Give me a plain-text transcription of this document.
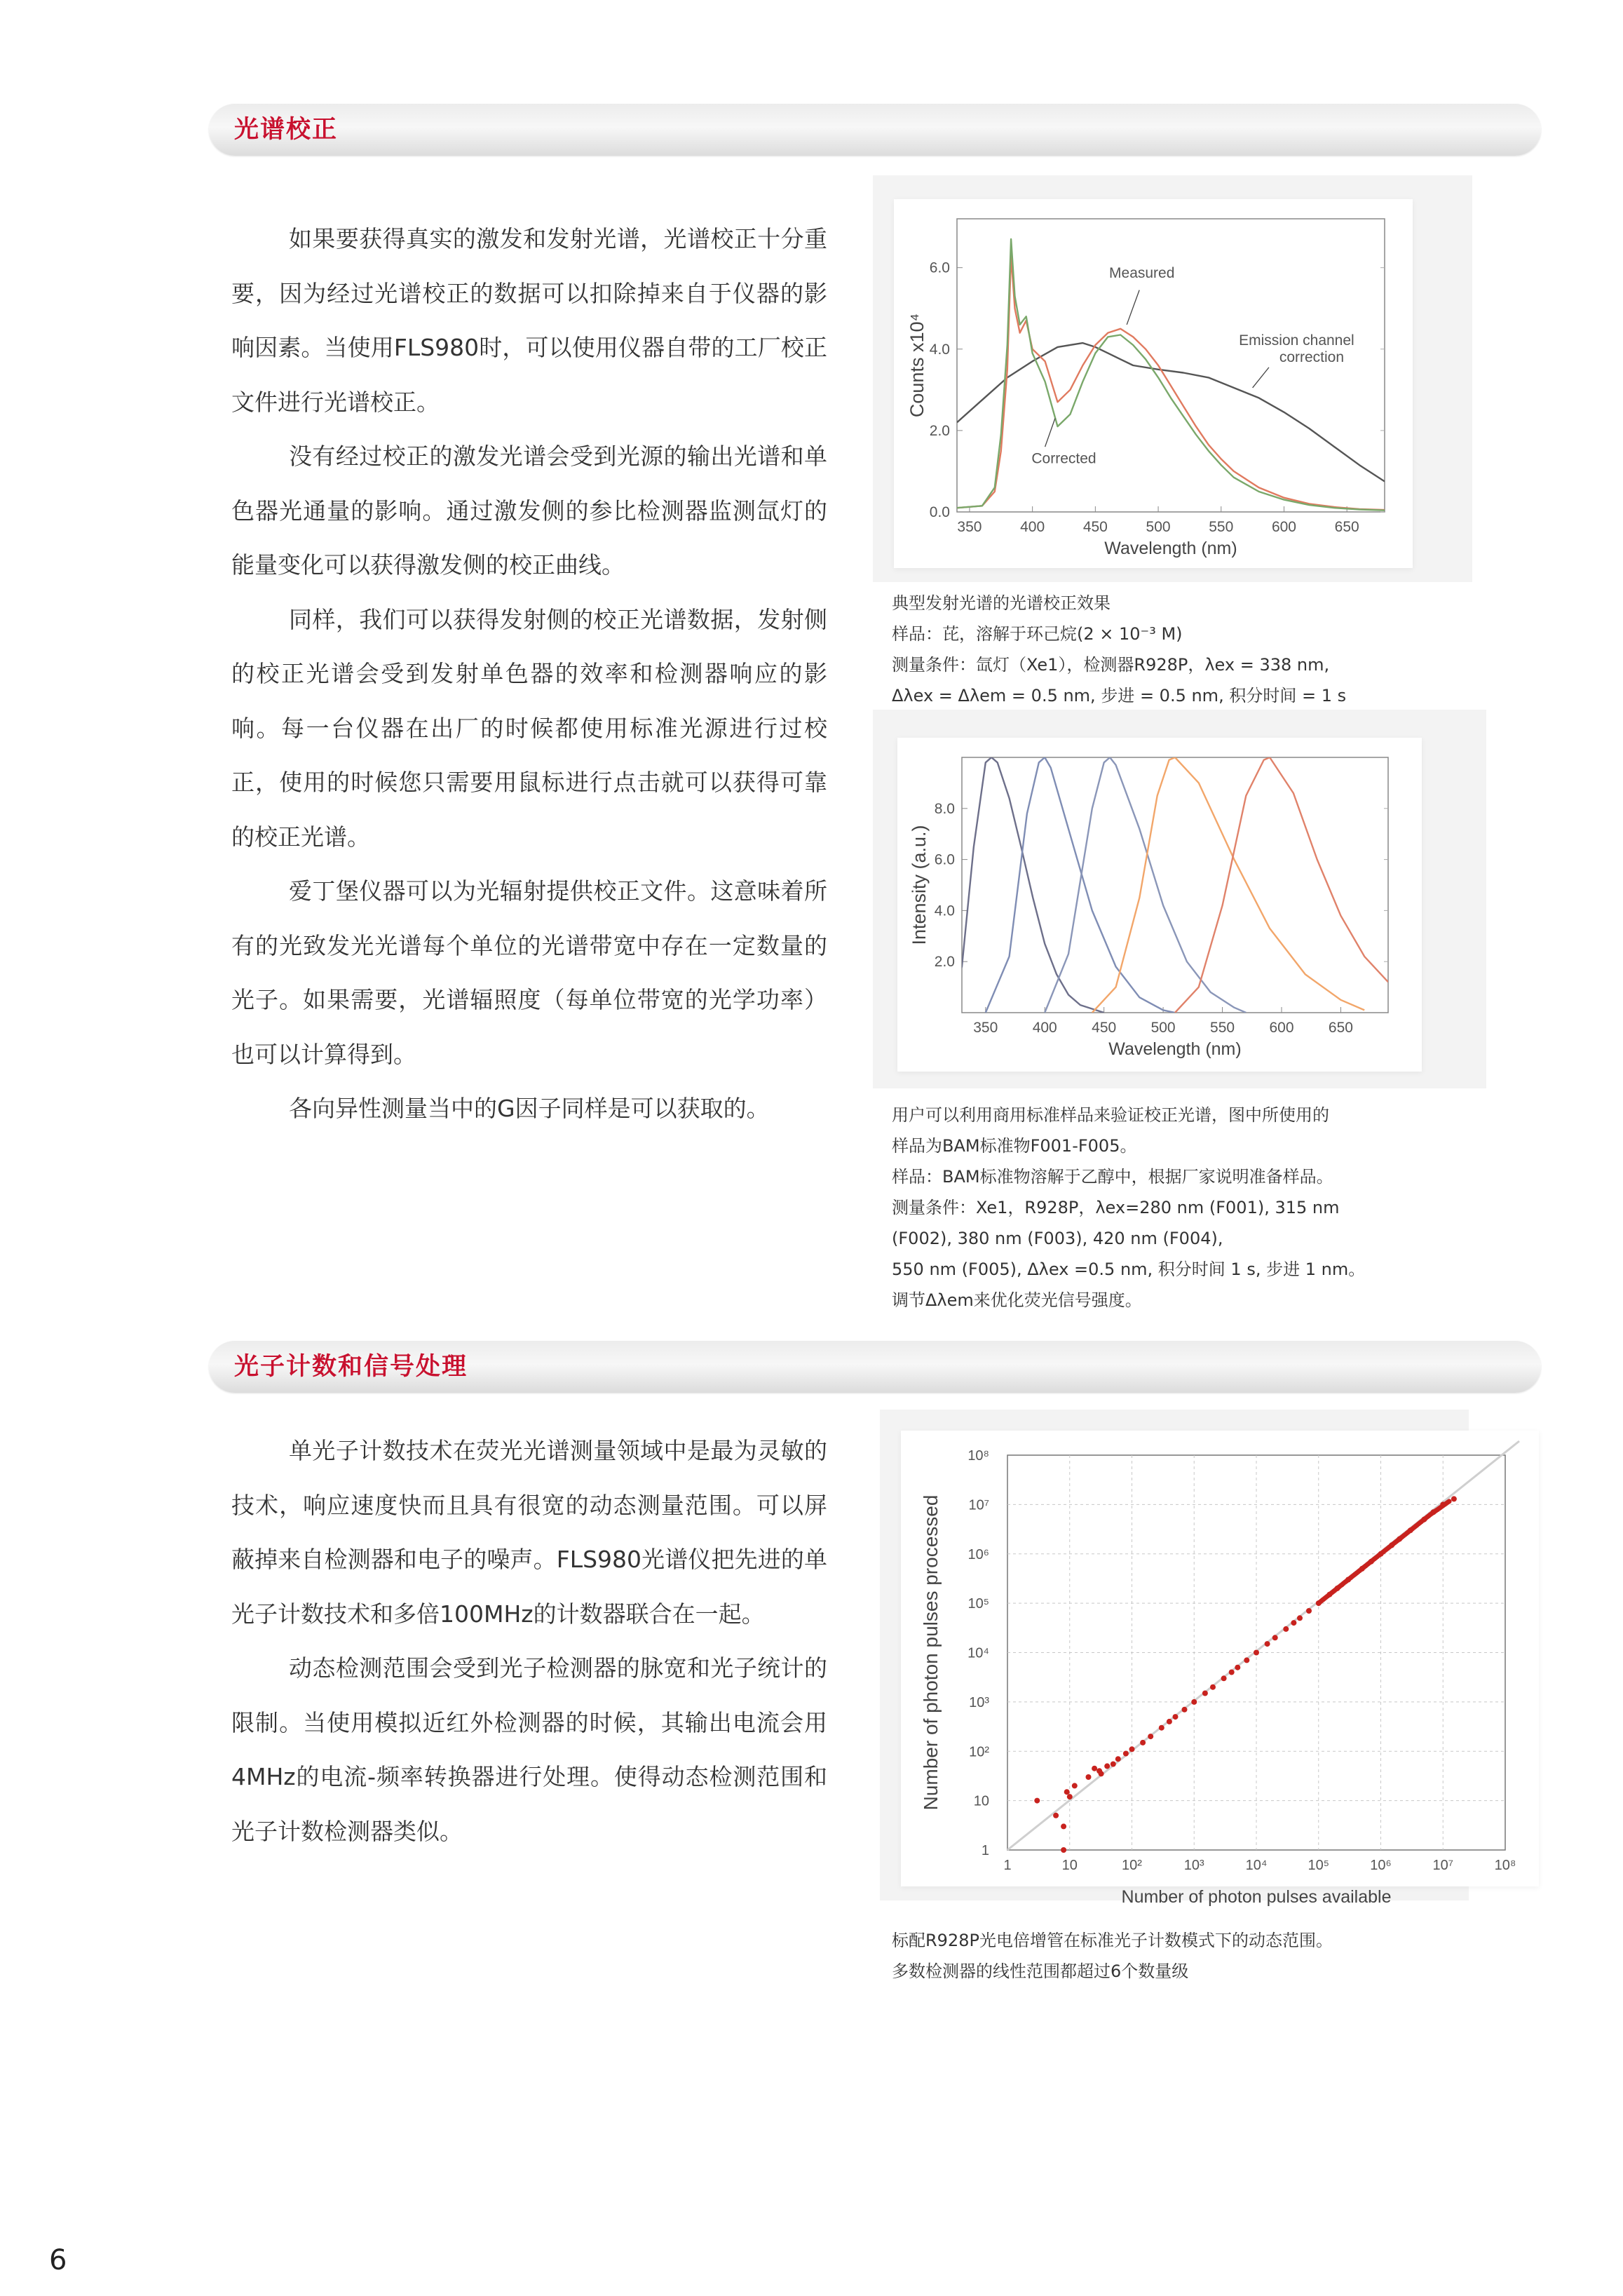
光谱校正

如果要获得真实的激发和发射光谱，光谱校正十分重要，因为经过光谱校正的数据可以扣除掉来自于仪器的影响因素。当使用FLS980时，可以使用仪器自带的工厂校正文件进行光谱校正。

没有经过校正的激发光谱会受到光源的输出光谱和单色器光通量的影响。通过激发侧的参比检测器监测氙灯的能量变化可以获得激发侧的校正曲线。

同样，我们可以获得发射侧的校正光谱数据，发射侧的校正光谱会受到发射单色器的效率和检测器响应的影响。每一台仪器在出厂的时候都使用标准光源进行过校正，使用的时候您只需要用鼠标进行点击就可以获得可靠的校正光谱。

爱丁堡仪器可以为光辐射提供校正文件。这意味着所有的光致发光光谱每个单位的光谱带宽中存在一定数量的光子。如果需要，光谱辐照度（每单位带宽的光学功率）也可以计算得到。

各向异性测量当中的G因子同样是可以获取的。

350	400	450	500	550	600	650
0.0
2.0
4.0
6.0
Wavelength (nm)
Counts x10⁴
Measured
Emission channel correction
Corrected
典型发射光谱的光谱校正效果
样品：芘，溶解于环己烷(2 × 10⁻³ M)
测量条件：氙灯（Xe1），检测器R928P，λex = 338 nm,
Δλex = Δλem = 0.5 nm, 步进 = 0.5 nm, 积分时间 = 1 s
350 400 450 500 550 600 650
2.0
4.0
6.0
8.0
Wavelength (nm)
Intensity (a.u.)
用户可以利用商用标准样品来验证校正光谱，图中所使用的
样品为BAM标准物F001-F005。
样品：BAM标准物溶解于乙醇中，根据厂家说明准备样品。
测量条件：Xe1，R928P，λex=280 nm (F001), 315 nm
(F002), 380 nm (F003), 420 nm (F004),
550 nm (F005), Δλex =0.5 nm, 积分时间 1 s, 步进 1 nm。
调节Δλem来优化荧光信号强度。
光子计数和信号处理

单光子计数技术在荧光光谱测量领域中是最为灵敏的技术，响应速度快而且具有很宽的动态测量范围。可以屏蔽掉来自检测器和电子的噪声。FLS980光谱仪把先进的单光子计数技术和多倍100MHz的计数器联合在一起。

动态检测范围会受到光子检测器的脉宽和光子统计的限制。当使用模拟近红外检测器的时候，其输出电流会用4MHz的电流-频率转换器进行处理。使得动态检测范围和光子计数检测器类似。

1	10	10²	10³	10⁴	10⁵	10⁶	10⁷	10⁸
1
10
10²
10³
10⁴
10⁵
10⁶
10⁷
10⁸
Number of photon pulses available
Number of photon pulses processed
标配R928P光电倍增管在标准光子计数模式下的动态范围。
多数检测器的线性范围都超过6个数量级
6
